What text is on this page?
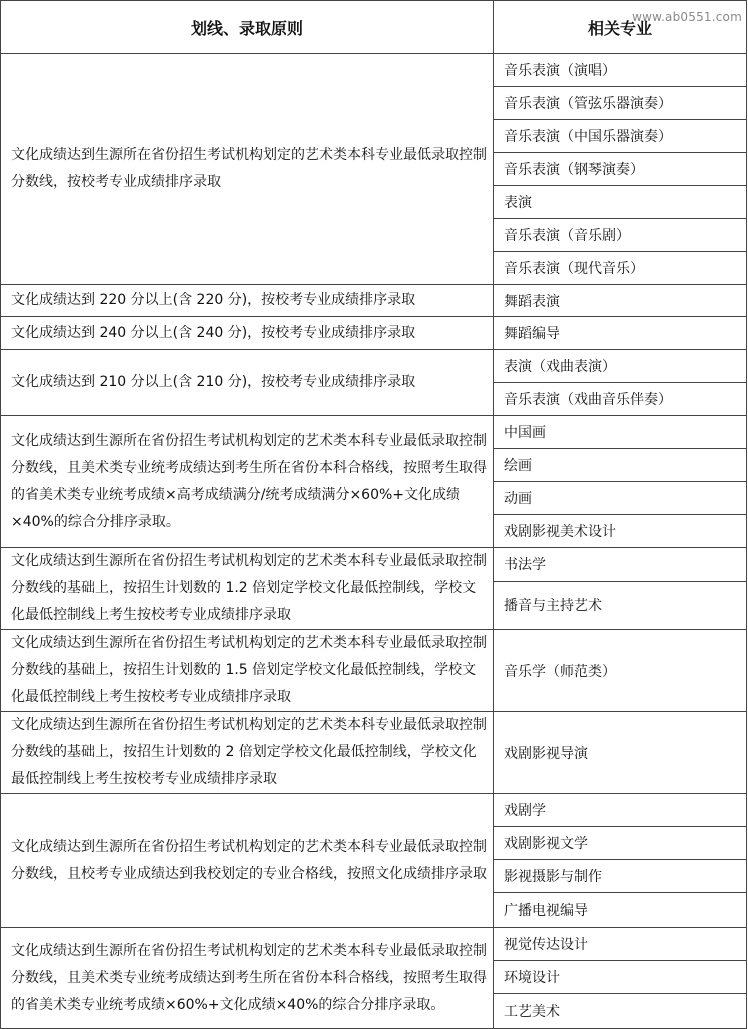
www.ab0551.com
划线、录取原则	相关专业
文化成绩达到生源所在省份招生考试机构划定的艺术类本科专业最低录取控制分数线，按校考专业成绩排序录取	音乐表演（演唱）
	音乐表演（管弦乐器演奏）
	音乐表演（中国乐器演奏）
	音乐表演（钢琴演奏）
	表演
	音乐表演（音乐剧）
	音乐表演（现代音乐）
文化成绩达到 220 分以上(含 220 分)，按校考专业成绩排序录取	舞蹈表演
文化成绩达到 240 分以上(含 240 分)，按校考专业成绩排序录取	舞蹈编导
文化成绩达到 210 分以上(含 210 分)，按校考专业成绩排序录取	表演（戏曲表演）
	音乐表演（戏曲音乐伴奏）
文化成绩达到生源所在省份招生考试机构划定的艺术类本科专业最低录取控制分数线，且美术类专业统考成绩达到考生所在省份本科合格线，按照考生取得的省美术类专业统考成绩×高考成绩满分/统考成绩满分×60%+文化成绩×40%的综合分排序录取。	中国画
	绘画
	动画
	戏剧影视美术设计
文化成绩达到生源所在省份招生考试机构划定的艺术类本科专业最低录取控制分数线的基础上，按招生计划数的 1.2 倍划定学校文化最低控制线，学校文化最低控制线上考生按校考专业成绩排序录取	书法学
	播音与主持艺术
文化成绩达到生源所在省份招生考试机构划定的艺术类本科专业最低录取控制分数线的基础上，按招生计划数的 1.5 倍划定学校文化最低控制线，学校文化最低控制线上考生按校考专业成绩排序录取	音乐学（师范类）
文化成绩达到生源所在省份招生考试机构划定的艺术类本科专业最低录取控制分数线的基础上，按招生计划数的 2 倍划定学校文化最低控制线，学校文化最低控制线上考生按校考专业成绩排序录取	戏剧影视导演
文化成绩达到生源所在省份招生考试机构划定的艺术类本科专业最低录取控制分数线，且校考专业成绩达到我校划定的专业合格线，按照文化成绩排序录取	戏剧学
	戏剧影视文学
	影视摄影与制作
	广播电视编导
文化成绩达到生源所在省份招生考试机构划定的艺术类本科专业最低录取控制分数线，且美术类专业统考成绩达到考生所在省份本科合格线，按照考生取得的省美术类专业统考成绩×60%+文化成绩×40%的综合分排序录取。	视觉传达设计
	环境设计
	工艺美术
